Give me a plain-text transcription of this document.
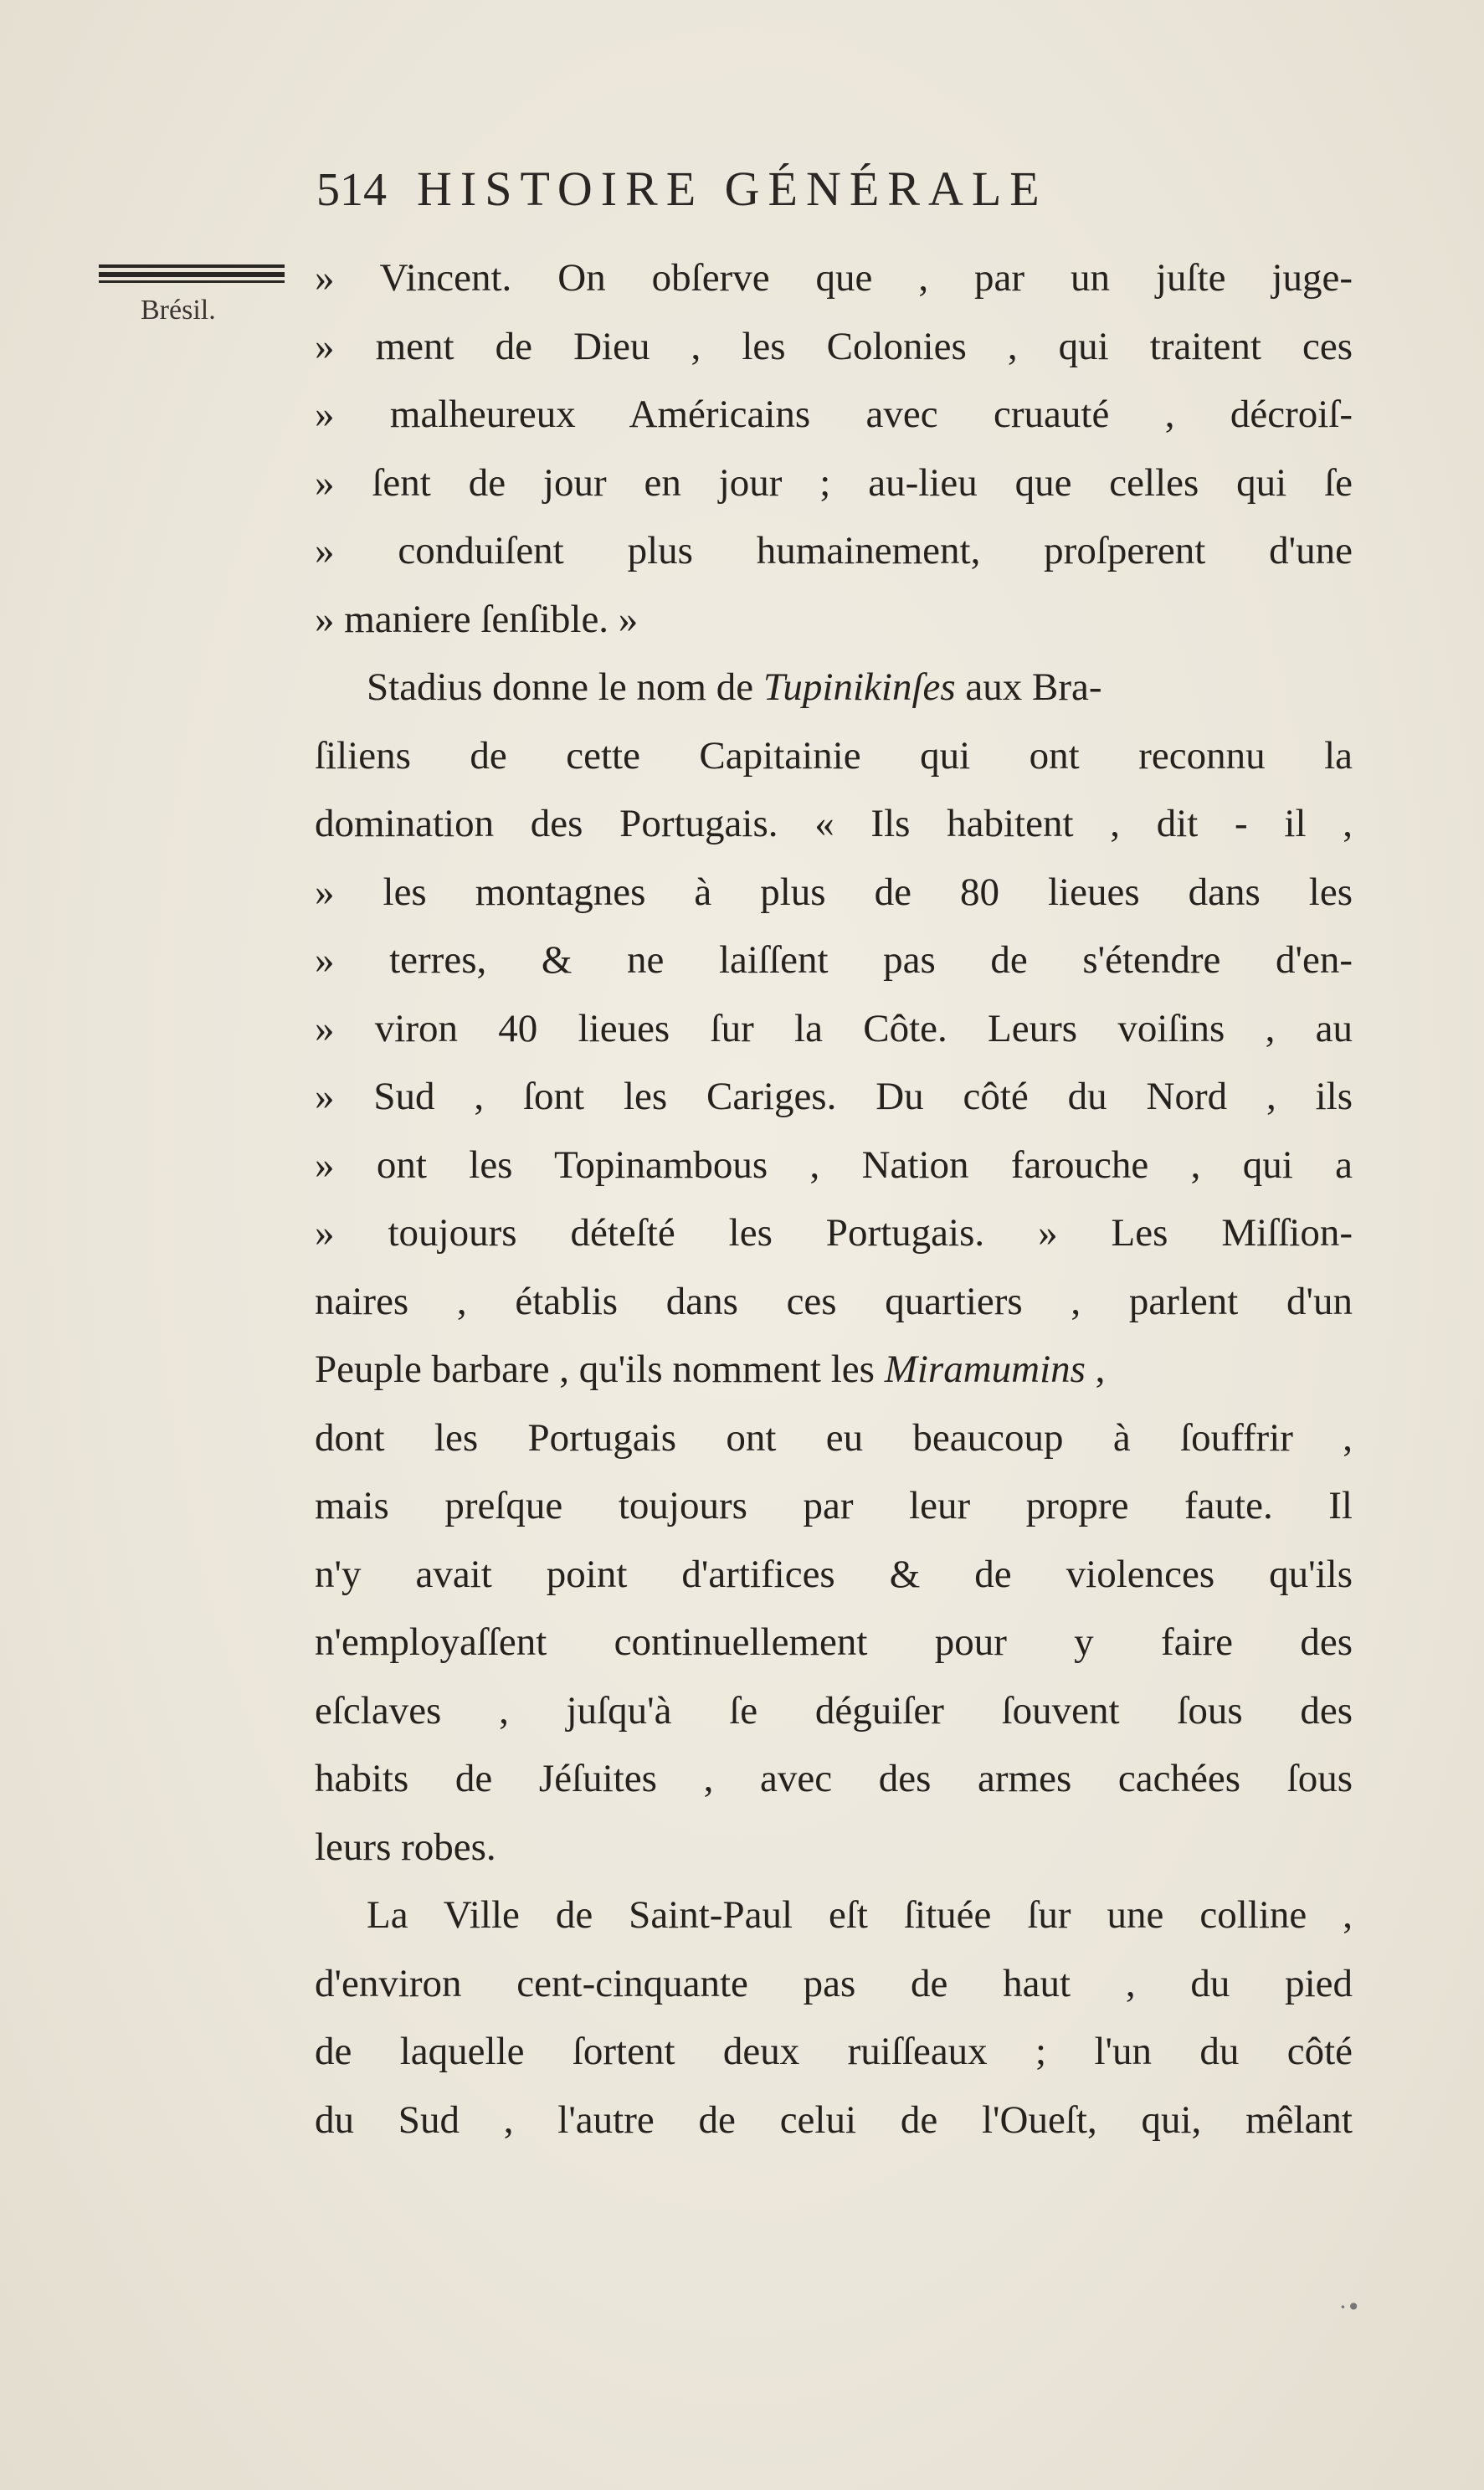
514 HISTOIRE GÉNÉRALE
Brésil.
» Vincent. On obſerve que , par un juſte juge-
» ment de Dieu , les Colonies , qui traitent ces
» malheureux Américains avec cruauté , décroiſ-
» ſent de jour en jour ; au-lieu que celles qui ſe
» conduiſent plus humainement, proſperent d'une
» maniere ſenſible. »
Stadius donne le nom de Tupinikinſes aux Bra-
ſiliens de cette Capitainie qui ont reconnu la
domination des Portugais. « Ils habitent , dit - il ,
» les montagnes à plus de 80 lieues dans les
» terres, & ne laiſſent pas de s'étendre d'en-
» viron 40 lieues ſur la Côte. Leurs voiſins , au
» Sud , ſont les Cariges. Du côté du Nord , ils
» ont les Topinambous , Nation farouche , qui a
» toujours déteſté les Portugais. » Les Miſſion-
naires , établis dans ces quartiers , parlent d'un
Peuple barbare , qu'ils nomment les Miramumins ,
dont les Portugais ont eu beaucoup à ſouffrir ,
mais preſque toujours par leur propre faute. Il
n'y avait point d'artifices & de violences qu'ils
n'employaſſent continuellement pour y faire des
eſclaves , juſqu'à ſe déguiſer ſouvent ſous des
habits de Jéſuites , avec des armes cachées ſous
leurs robes.
La Ville de Saint-Paul eſt ſituée ſur une colline ,
d'environ cent-cinquante pas de haut , du pied
de laquelle ſortent deux ruiſſeaux ; l'un du côté
du Sud , l'autre de celui de l'Oueſt, qui, mêlant
·•
